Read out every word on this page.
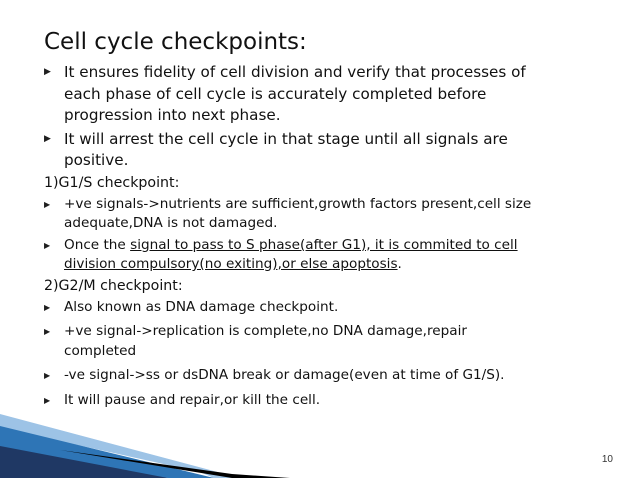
Cell cycle checkpoints:
▶ It ensures fidelity of cell division and verify that processes of
each phase of cell cycle is accurately completed before
progression into next phase.
▶ It will arrest the cell cycle in that stage until all signals are
positive.
1)G1/S checkpoint:
▶ +ve signals->nutrients are sufficient,growth factors present,cell size
adequate,DNA is not damaged.
▶ Once the signal to pass to S phase(after G1), it is commited to cell
division compulsory(no exiting),or else apoptosis.
2)G2/M checkpoint:
▶ Also known as DNA damage checkpoint.
▶ +ve signal->replication is complete,no DNA damage,repair
completed
▶ -ve signal->ss or dsDNA break or damage(even at time of G1/S).
▶ It will pause and repair,or kill the cell.
10
